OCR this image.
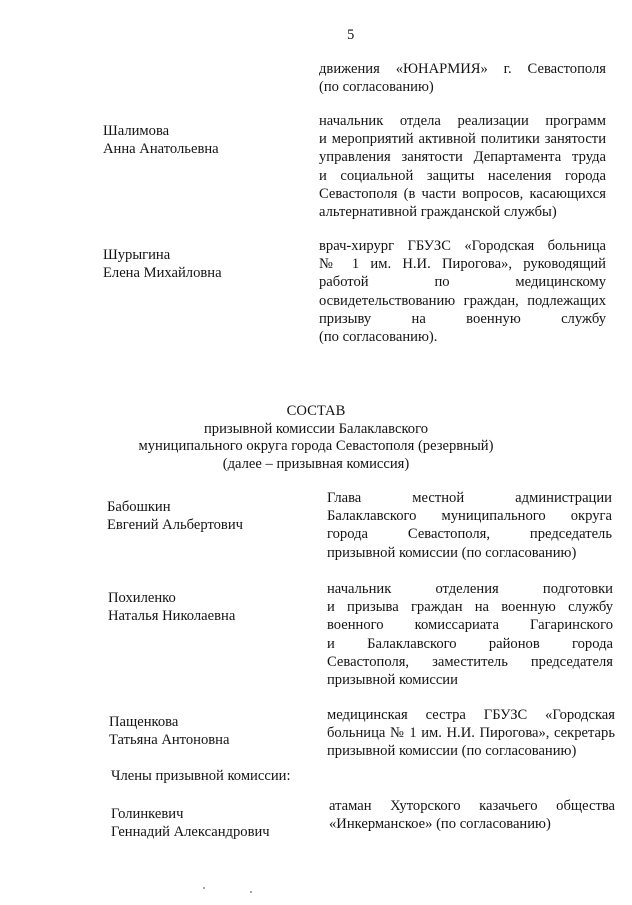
5
движения «ЮНАРМИЯ» г. Севастополя
(по согласованию)
Шалимова
Анна Анатольевна
начальник отдела реализации программ
и мероприятий активной политики занятости
управления занятости Департамента труда
и социальной защиты населения города
Севастополя (в части вопросов, касающихся
альтернативной гражданской службы)
Шурыгина
Елена Михайловна
врач-хирург ГБУЗС «Городская больница
№ 1 им. Н.И. Пирогова», руководящий
работой по медицинскому
освидетельствованию граждан, подлежащих
призыву на военную службу
(по согласованию).
СОСТАВ
призывной комиссии Балаклавского
муниципального округа города Севастополя (резервный)
(далее – призывная комиссия)
Бабошкин
Евгений Альбертович
Глава местной администрации
Балаклавского муниципального округа
города Севастополя, председатель
призывной комиссии (по согласованию)
Похиленко
Наталья Николаевна
начальник отделения подготовки
и призыва граждан на военную службу
военного комиссариата Гагаринского
и Балаклавского районов города
Севастополя, заместитель председателя
призывной комиссии
Пащенкова
Татьяна Антоновна
медицинская сестра ГБУЗС «Городская
больница № 1 им. Н.И. Пирогова», секретарь
призывной комиссии (по согласованию)
Члены призывной комиссии:
Голинкевич
Геннадий Александрович
атаман Хуторского казачьего общества
«Инкерманское» (по согласованию)
